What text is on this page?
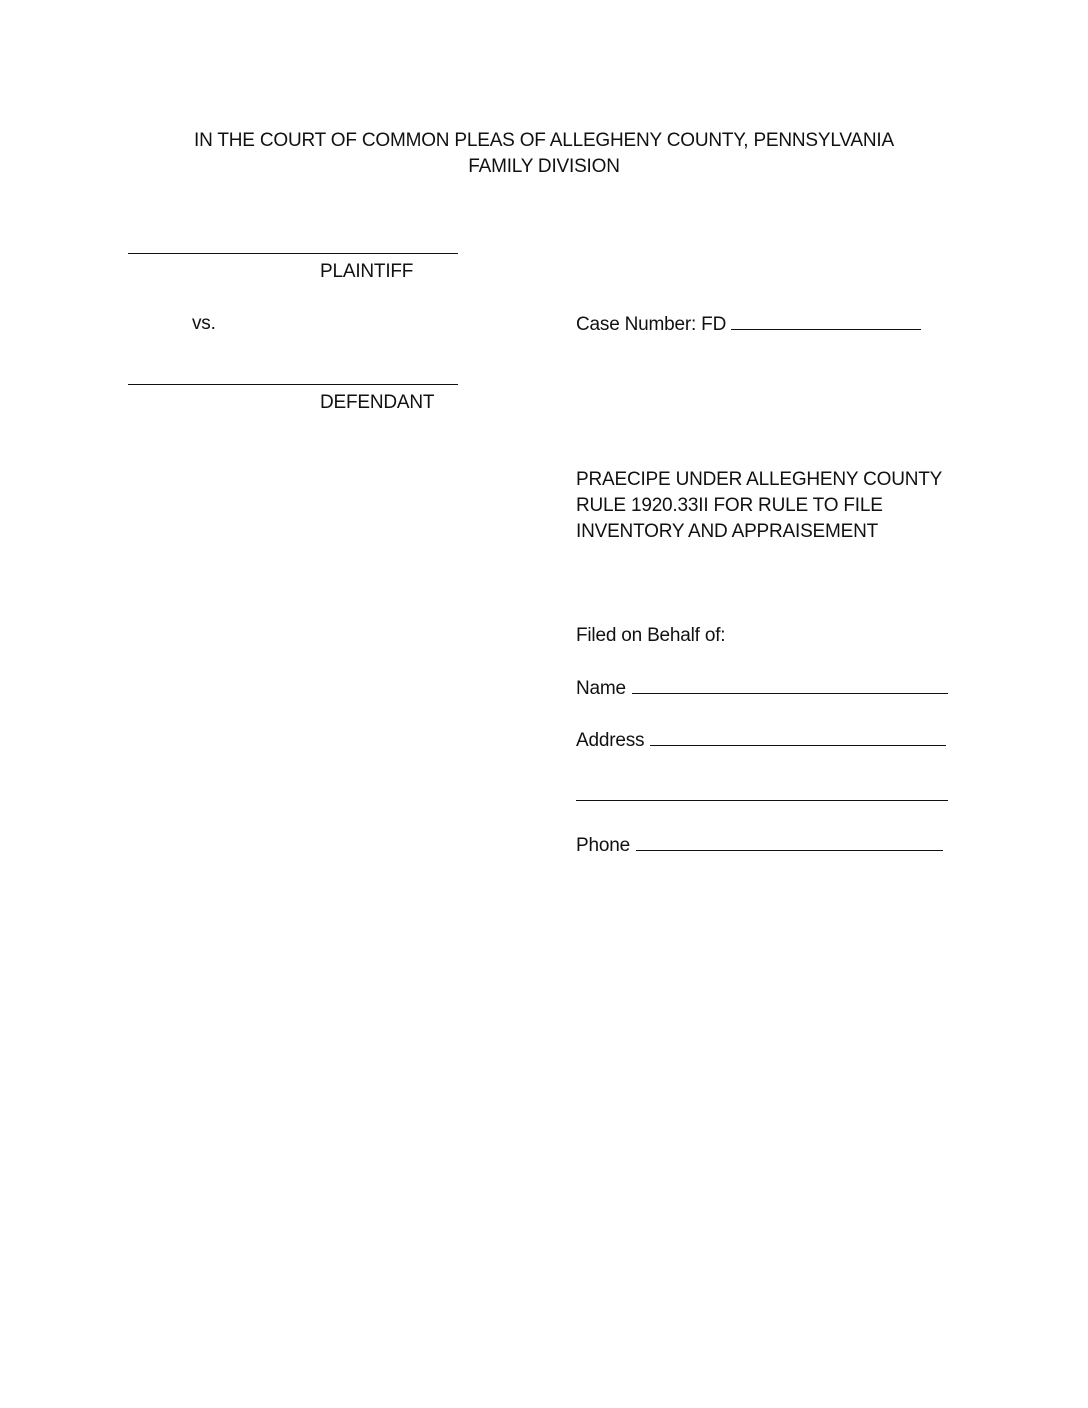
IN THE COURT OF COMMON PLEAS OF ALLEGHENY COUNTY, PENNSYLVANIA
FAMILY DIVISION
PLAINTIFF
vs.	Case Number: FD
DEFENDANT
PRAECIPE UNDER ALLEGHENY COUNTY
RULE 1920.33II FOR RULE TO FILE
INVENTORY AND APPRAISEMENT
Filed on Behalf of:
Name
Address
Phone
